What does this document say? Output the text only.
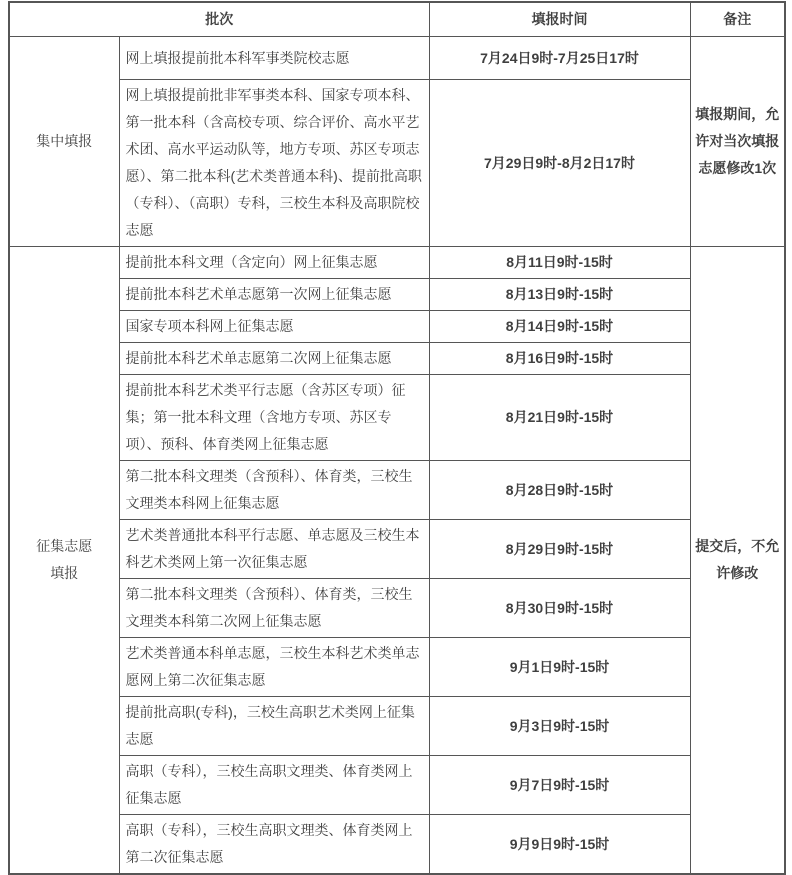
批次		填报时间	备注
集中填报	网上填报提前批本科军事类院校志愿	7月24日9时-7月25日17时	填报期间，允许对当次填报志愿修改1次
	网上填报提前批非军事类本科、国家专项本科、第一批本科（含高校专项、综合评价、高水平艺术团、高水平运动队等，地方专项、苏区专项志愿）、第二批本科(艺术类普通本科)、提前批高职（专科）、（高职）专科，三校生本科及高职院校志愿	7月29日9时-8月2日17时	
征集志愿填报	提前批本科文理（含定向）网上征集志愿	8月11日9时-15时	提交后，不允许修改
	提前批本科艺术单志愿第一次网上征集志愿	8月13日9时-15时	
	国家专项本科网上征集志愿	8月14日9时-15时	
	提前批本科艺术单志愿第二次网上征集志愿	8月16日9时-15时	
	提前批本科艺术类平行志愿（含苏区专项）征集；第一批本科文理（含地方专项、苏区专项）、预科、体育类网上征集志愿	8月21日9时-15时	
	第二批本科文理类（含预科）、体育类，三校生文理类本科网上征集志愿	8月28日9时-15时	
	艺术类普通批本科平行志愿、单志愿及三校生本科艺术类网上第一次征集志愿	8月29日9时-15时	
	第二批本科文理类（含预科）、体育类，三校生文理类本科第二次网上征集志愿	8月30日9时-15时	
	艺术类普通本科单志愿，三校生本科艺术类单志愿网上第二次征集志愿	9月1日9时-15时	
	提前批高职(专科)，三校生高职艺术类网上征集志愿	9月3日9时-15时	
	高职（专科），三校生高职文理类、体育类网上征集志愿	9月7日9时-15时	
	高职（专科），三校生高职文理类、体育类网上第二次征集志愿	9月9日9时-15时	
